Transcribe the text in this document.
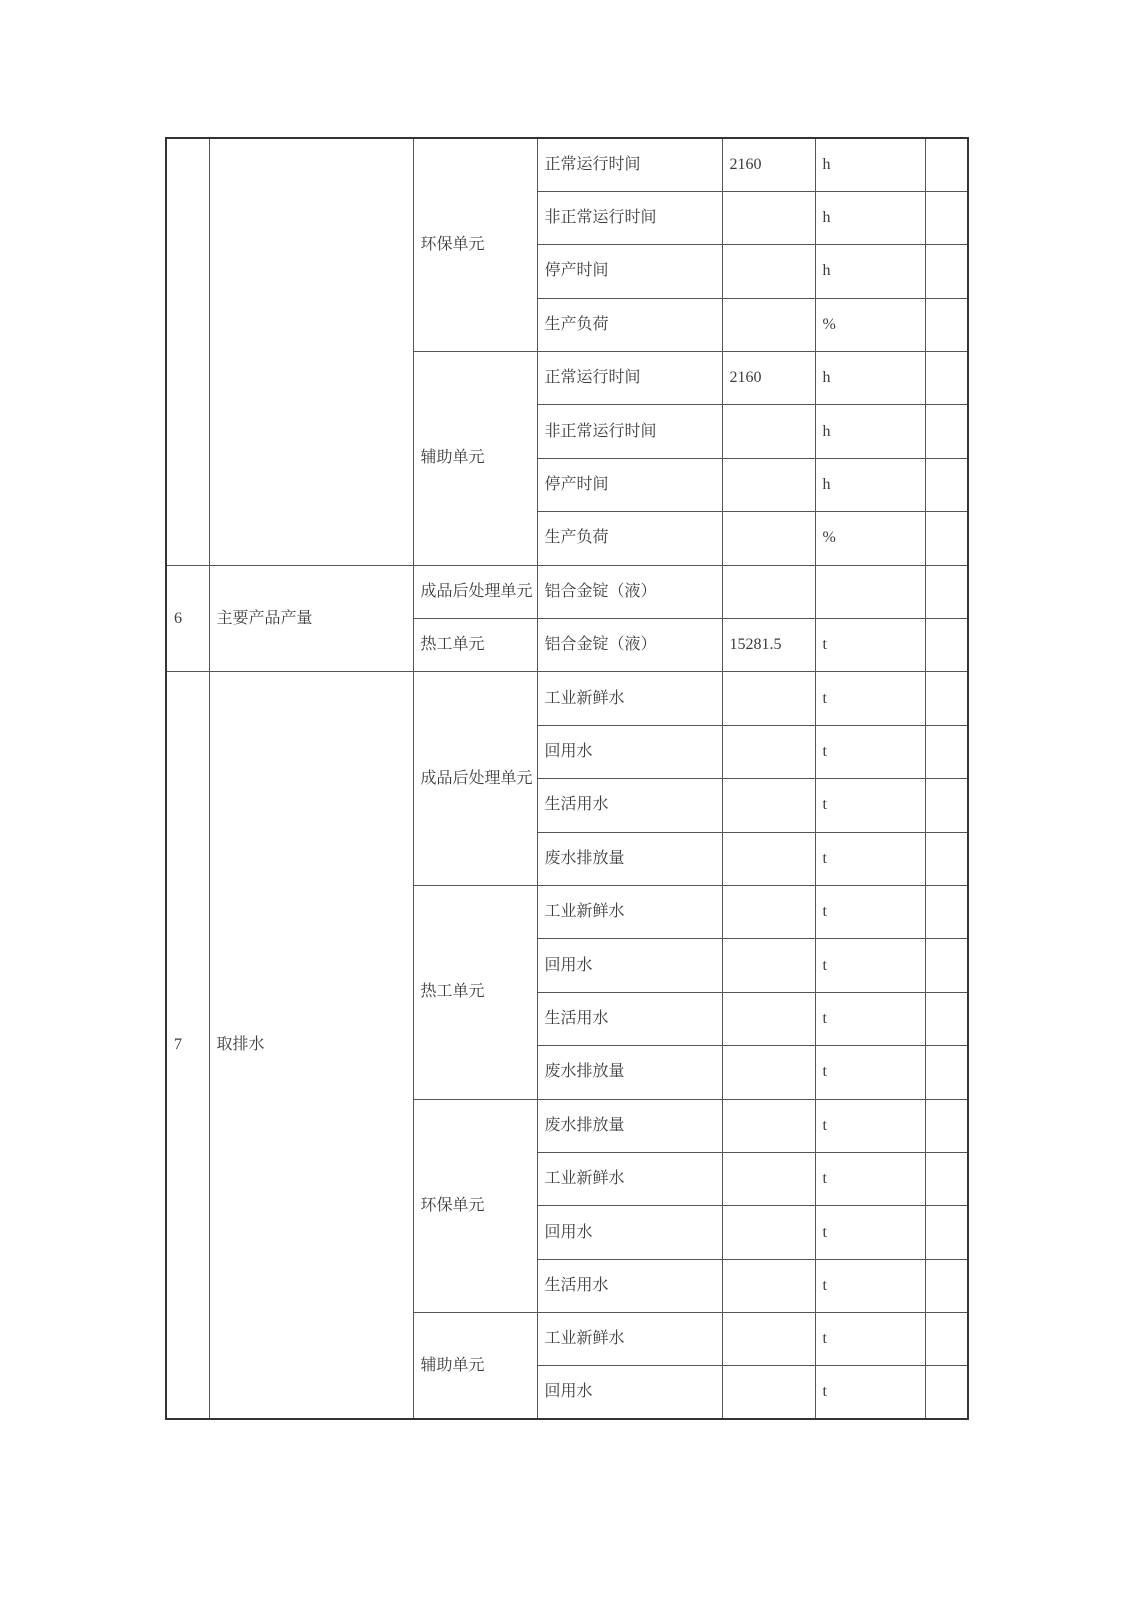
		环保单元	正常运行时间	2160	h	
			非正常运行时间		h	
			停产时间		h	
			生产负荷		%	
		辅助单元	正常运行时间	2160	h	
			非正常运行时间		h	
			停产时间		h	
			生产负荷		%	
6	主要产品产量	成品后处理单元	铝合金锭（液）			
		热工单元	铝合金锭（液）	15281.5	t	
7	取排水	成品后处理单元	工业新鲜水		t	
			回用水		t	
			生活用水		t	
			废水排放量		t	
		热工单元	工业新鲜水		t	
			回用水		t	
			生活用水		t	
			废水排放量		t	
		环保单元	废水排放量		t	
			工业新鲜水		t	
			回用水		t	
			生活用水		t	
		辅助单元	工业新鲜水		t	
			回用水		t	
